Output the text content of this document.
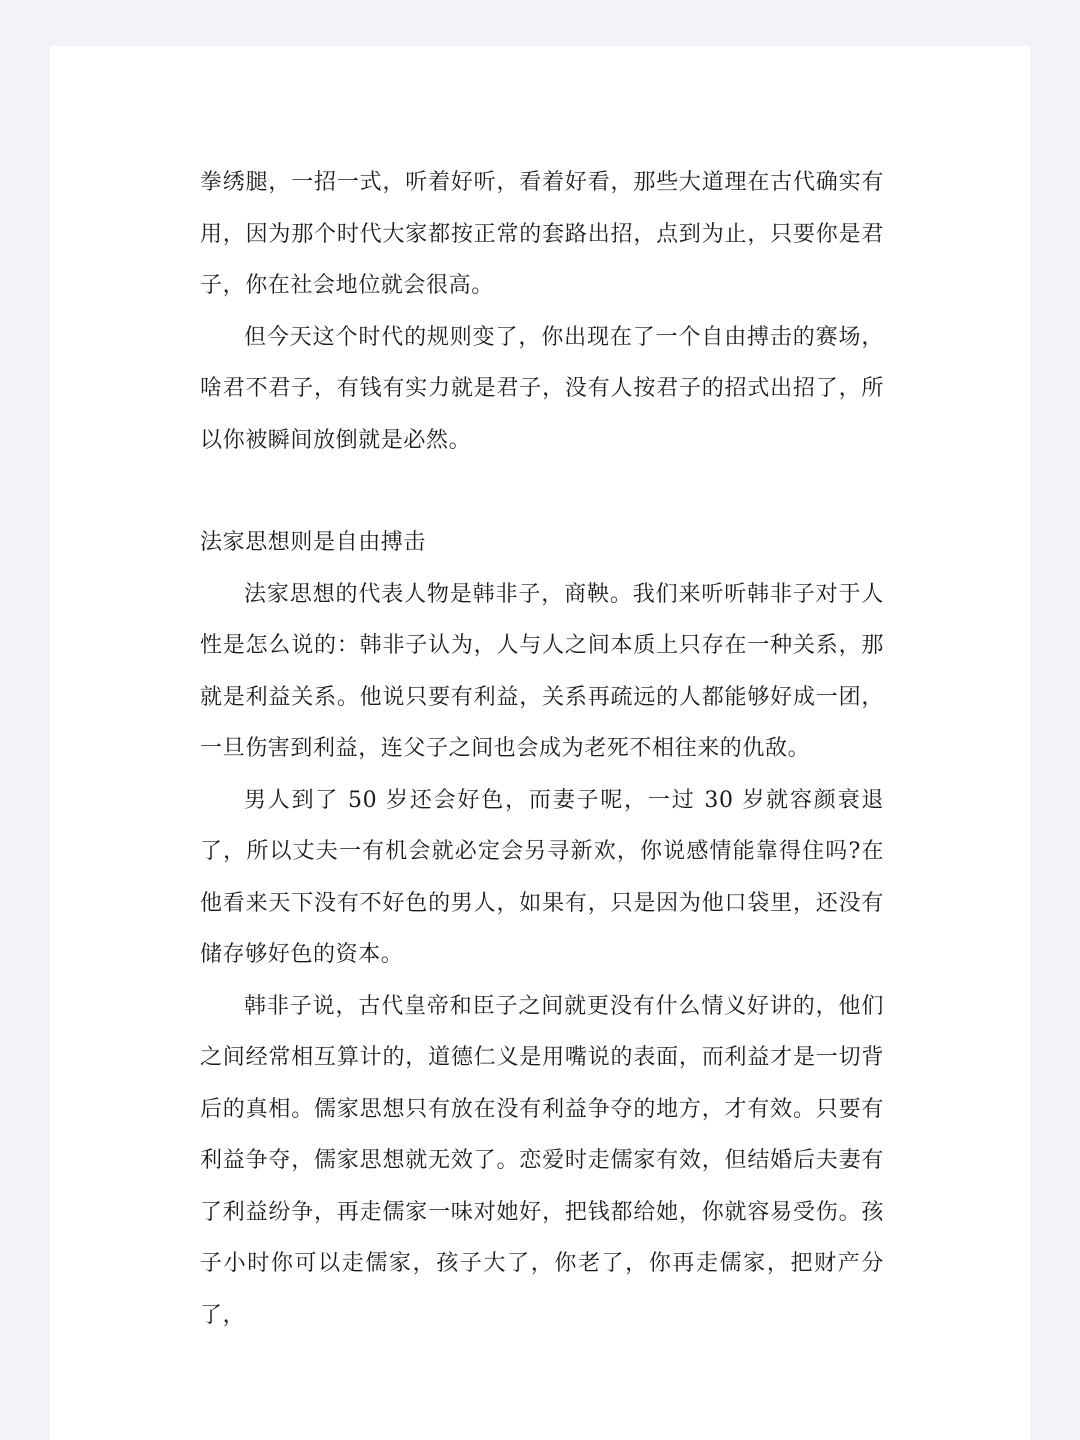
拳绣腿，一招一式，听着好听，看着好看，那些大道理在古代确实有用，因为那个时代大家都按正常的套路出招，点到为止，只要你是君子，你在社会地位就会很高。

但今天这个时代的规则变了，你出现在了一个自由搏击的赛场，啥君不君子，有钱有实力就是君子，没有人按君子的招式出招了，所以你被瞬间放倒就是必然。

法家思想则是自由搏击

法家思想的代表人物是韩非子，商鞅。我们来听听韩非子对于人性是怎么说的：韩非子认为，人与人之间本质上只存在一种关系，那就是利益关系。他说只要有利益，关系再疏远的人都能够好成一团，一旦伤害到利益，连父子之间也会成为老死不相往来的仇敌。

男人到了 50 岁还会好色，而妻子呢，一过 30 岁就容颜衰退了，所以丈夫一有机会就必定会另寻新欢，你说感情能靠得住吗?在他看来天下没有不好色的男人，如果有，只是因为他口袋里，还没有储存够好色的资本。

韩非子说，古代皇帝和臣子之间就更没有什么情义好讲的，他们之间经常相互算计的，道德仁义是用嘴说的表面，而利益才是一切背后的真相。儒家思想只有放在没有利益争夺的地方，才有效。只要有利益争夺，儒家思想就无效了。恋爱时走儒家有效，但结婚后夫妻有了利益纷争，再走儒家一味对她好，把钱都给她，你就容易受伤。孩子小时你可以走儒家，孩子大了，你老了，你再走儒家，把财产分了，
